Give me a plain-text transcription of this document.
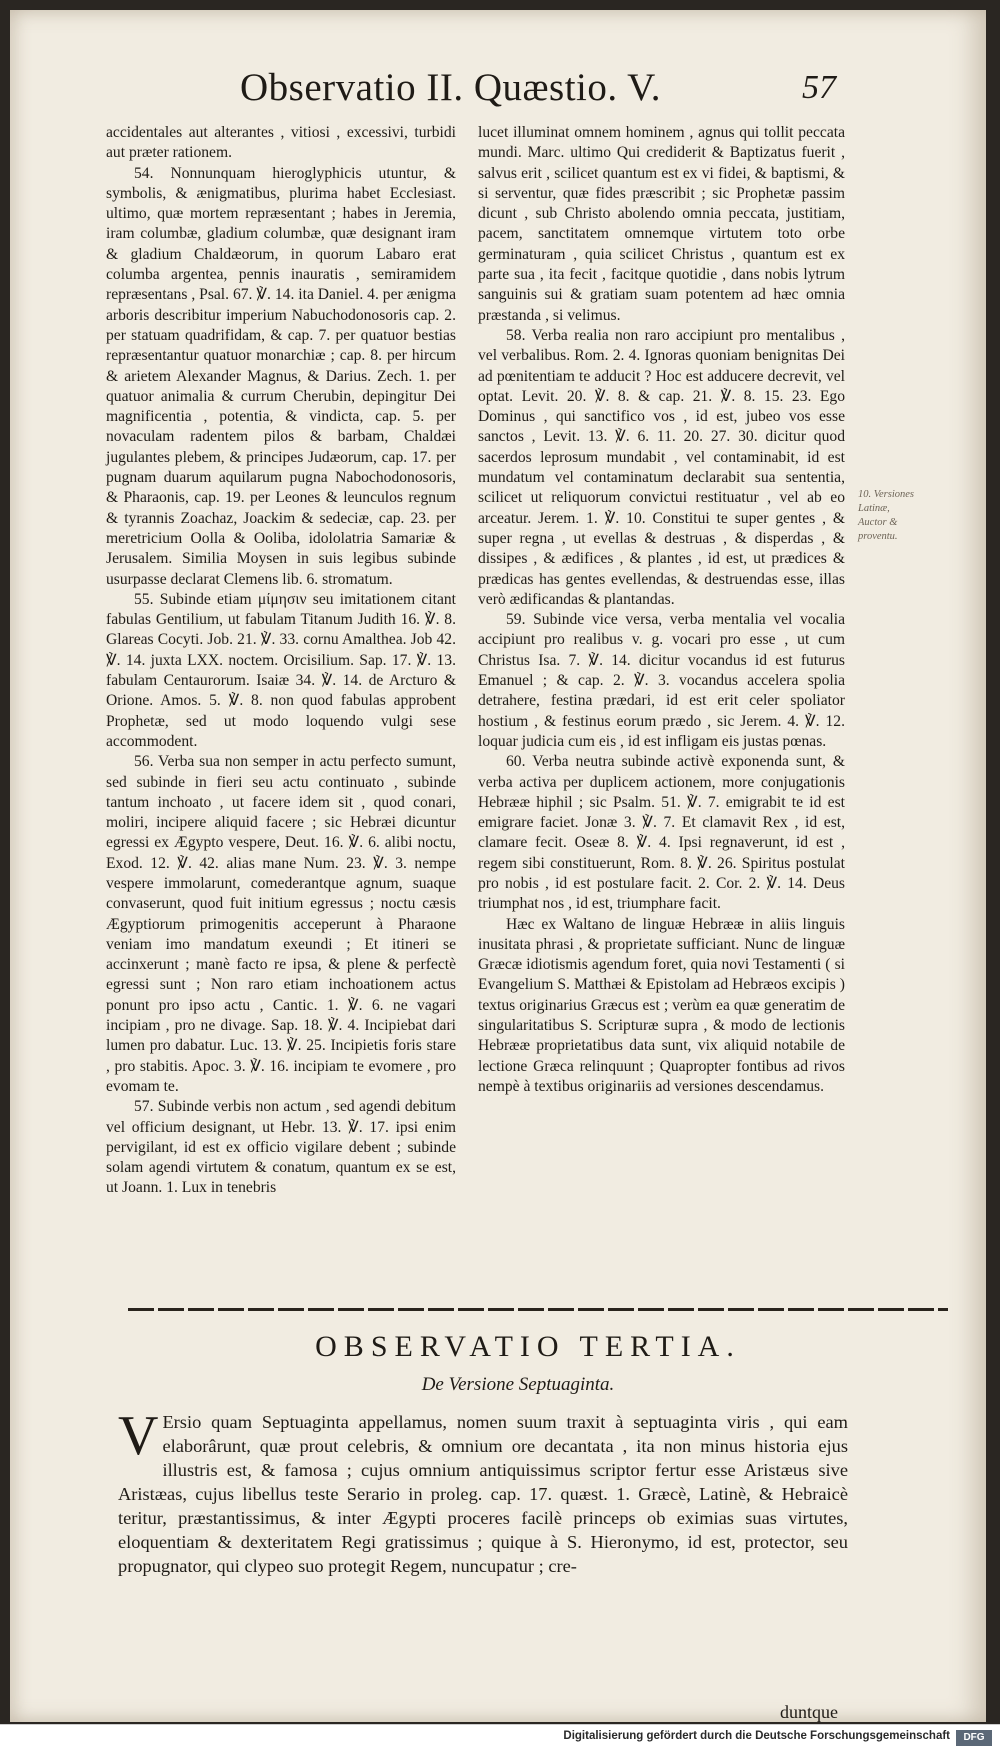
Observatio II. Quæstio. V.	57

accidentales aut alterantes , vitiosi , excessivi, turbidi aut præter rationem.

54. Nonnunquam hieroglyphicis utuntur, & symbolis, & ænigmatibus, plurima habet Ecclesiast. ultimo, quæ mortem repræsentant ; habes in Jeremia, iram columbæ, gladium columbæ, quæ designant iram & gladium Chaldæorum, in quorum Labaro erat columba argentea, pennis inauratis , semiramidem repræsentans , Psal. 67. ℣. 14. ita Daniel. 4. per ænigma arboris describitur imperium Nabuchodonosoris cap. 2. per statuam quadrifidam, & cap. 7. per quatuor bestias repræsentantur quatuor monarchiæ ; cap. 8. per hircum & arietem Alexander Magnus, & Darius. Zech. 1. per quatuor animalia & currum Cherubin, depingitur Dei magnificentia , potentia, & vindicta, cap. 5. per novaculam radentem pilos & barbam, Chaldæi jugulantes plebem, & principes Judæorum, cap. 17. per pugnam duarum aquilarum pugna Nabochodonosoris, & Pharaonis, cap. 19. per Leones & leunculos regnum & tyrannis Zoachaz, Joackim & sedeciæ, cap. 23. per meretricium Oolla & Ooliba, idololatria Samariæ & Jerusalem. Similia Moysen in suis legibus subinde usurpasse declarat Clemens lib. 6. stromatum.

55. Subinde etiam μίμησιν seu imitationem citant fabulas Gentilium, ut fabulam Titanum Judith 16. ℣. 8. Glareas Cocyti. Job. 21. ℣. 33. cornu Amalthea. Job 42. ℣. 14. juxta LXX. noctem. Orcisilium. Sap. 17. ℣. 13. fabulam Centaurorum. Isaiæ 34. ℣. 14. de Arcturo & Orione. Amos. 5. ℣. 8. non quod fabulas approbent Prophetæ, sed ut modo loquendo vulgi sese accommodent.

56. Verba sua non semper in actu perfecto sumunt, sed subinde in fieri seu actu continuato , subinde tantum inchoato , ut facere idem sit , quod conari, moliri, incipere aliquid facere ; sic Hebræi dicuntur egressi ex Ægypto vespere, Deut. 16. ℣. 6. alibi noctu, Exod. 12. ℣. 42. alias mane Num. 23. ℣. 3. nempe vespere immolarunt, comederantque agnum, suaque convaserunt, quod fuit initium egressus ; noctu cæsis Ægyptiorum primogenitis acceperunt à Pharaone veniam imo mandatum exeundi ; Et itineri se accinxerunt ; manè facto re ipsa, & plene & perfectè egressi sunt ; Non raro etiam inchoationem actus ponunt pro ipso actu , Cantic. 1. ℣. 6. ne vagari incipiam , pro ne divage. Sap. 18. ℣. 4. Incipiebat dari lumen pro dabatur. Luc. 13. ℣. 25. Incipietis foris stare , pro stabitis. Apoc. 3. ℣. 16. incipiam te evomere , pro evomam te.

57. Subinde verbis non actum , sed agendi debitum vel officium designant, ut Hebr. 13. ℣. 17. ipsi enim pervigilant, id est ex officio vigilare debent ; subinde solam agendi virtutem & conatum, quantum ex se est, ut Joann. 1. Lux in tenebris

lucet illuminat omnem hominem , agnus qui tollit peccata mundi. Marc. ultimo Qui crediderit & Baptizatus fuerit , salvus erit , scilicet quantum est ex vi fidei, & baptismi, & si serventur, quæ fides præscribit ; sic Prophetæ passim dicunt , sub Christo abolendo omnia peccata, justitiam, pacem, sanctitatem omnemque virtutem toto orbe germinaturam , quia scilicet Christus , quantum est ex parte sua , ita fecit , facitque quotidie , dans nobis lytrum sanguinis sui & gratiam suam potentem ad hæc omnia præstanda , si velimus.

58. Verba realia non raro accipiunt pro mentalibus , vel verbalibus. Rom. 2. 4. Ignoras quoniam benignitas Dei ad pœnitentiam te adducit ? Hoc est adducere decrevit, vel optat. Levit. 20. ℣. 8. & cap. 21. ℣. 8. 15. 23. Ego Dominus , qui sanctifico vos , id est, jubeo vos esse sanctos , Levit. 13. ℣. 6. 11. 20. 27. 30. dicitur quod sacerdos leprosum mundabit , vel contaminabit, id est mundatum vel contaminatum declarabit sua sententia, scilicet ut reliquorum convictui restituatur , vel ab eo arceatur. Jerem. 1. ℣. 10. Constitui te super gentes , & super regna , ut evellas & destruas , & disperdas , & dissipes , & ædifices , & plantes , id est, ut prædices & prædicas has gentes evellendas, & destruendas esse, illas verò ædificandas & plantandas.

59. Subinde vice versa, verba mentalia vel vocalia accipiunt pro realibus v. g. vocari pro esse , ut cum Christus Isa. 7. ℣. 14. dicitur vocandus id est futurus Emanuel ; & cap. 2. ℣. 3. vocandus accelera spolia detrahere, festina prædari, id est erit celer spoliator hostium , & festinus eorum prædo , sic Jerem. 4. ℣. 12. loquar judicia cum eis , id est infligam eis justas pœnas.

60. Verba neutra subinde activè exponenda sunt, & verba activa per duplicem actionem, more conjugationis Hebrææ hiphil ; sic Psalm. 51. ℣. 7. emigrabit te id est emigrare faciet. Jonæ 3. ℣. 7. Et clamavit Rex , id est, clamare fecit. Oseæ 8. ℣. 4. Ipsi regnaverunt, id est , regem sibi constituerunt, Rom. 8. ℣. 26. Spiritus postulat pro nobis , id est postulare facit. 2. Cor. 2. ℣. 14. Deus triumphat nos , id est, triumphare facit.

Hæc ex Waltano de linguæ Hebrææ in aliis linguis inusitata phrasi , & proprietate sufficiant. Nunc de linguæ Græcæ idiotismis agendum foret, quia novi Testamenti ( si Evangelium S. Matthæi & Epistolam ad Hebræos excipis ) textus originarius Græcus est ; verùm ea quæ generatim de singularitatibus S. Scripturæ supra , & modo de lectionis Hebrææ proprietatibus data sunt, vix aliquid notabile de lectione Græca relinquunt ; Quapropter fontibus ad rivos nempè à textibus originariis ad versiones descendamus.

10. Versiones Latinæ, Auctor & proventu.
OBSERVATIO TERTIA.
De Versione Septuaginta.
V Ersio quam Septuaginta appellamus, nomen suum traxit à septuaginta viris , qui eam elaborârunt, quæ prout celebris, & omnium ore decantata , ita non minus historia ejus illustris est, & famosa ; cujus omnium antiquissimus scriptor fertur esse Aristæus sive Aristæas, cujus libellus teste Serario in proleg. cap. 17. quæst. 1. Græcè, Latinè, & Hebraicè teritur, præstantissimus, & inter Ægypti proceres facilè princeps ob eximias suas virtutes, eloquentiam & dexteritatem Regi gratissimus ; quique à S. Hieronymo, id est, protector, seu propugnator, qui clypeo suo protegit Regem, nuncupatur ; cre-
duntque
Digitalisierung gefördert durch die Deutsche Forschungsgemeinschaft	DFG
